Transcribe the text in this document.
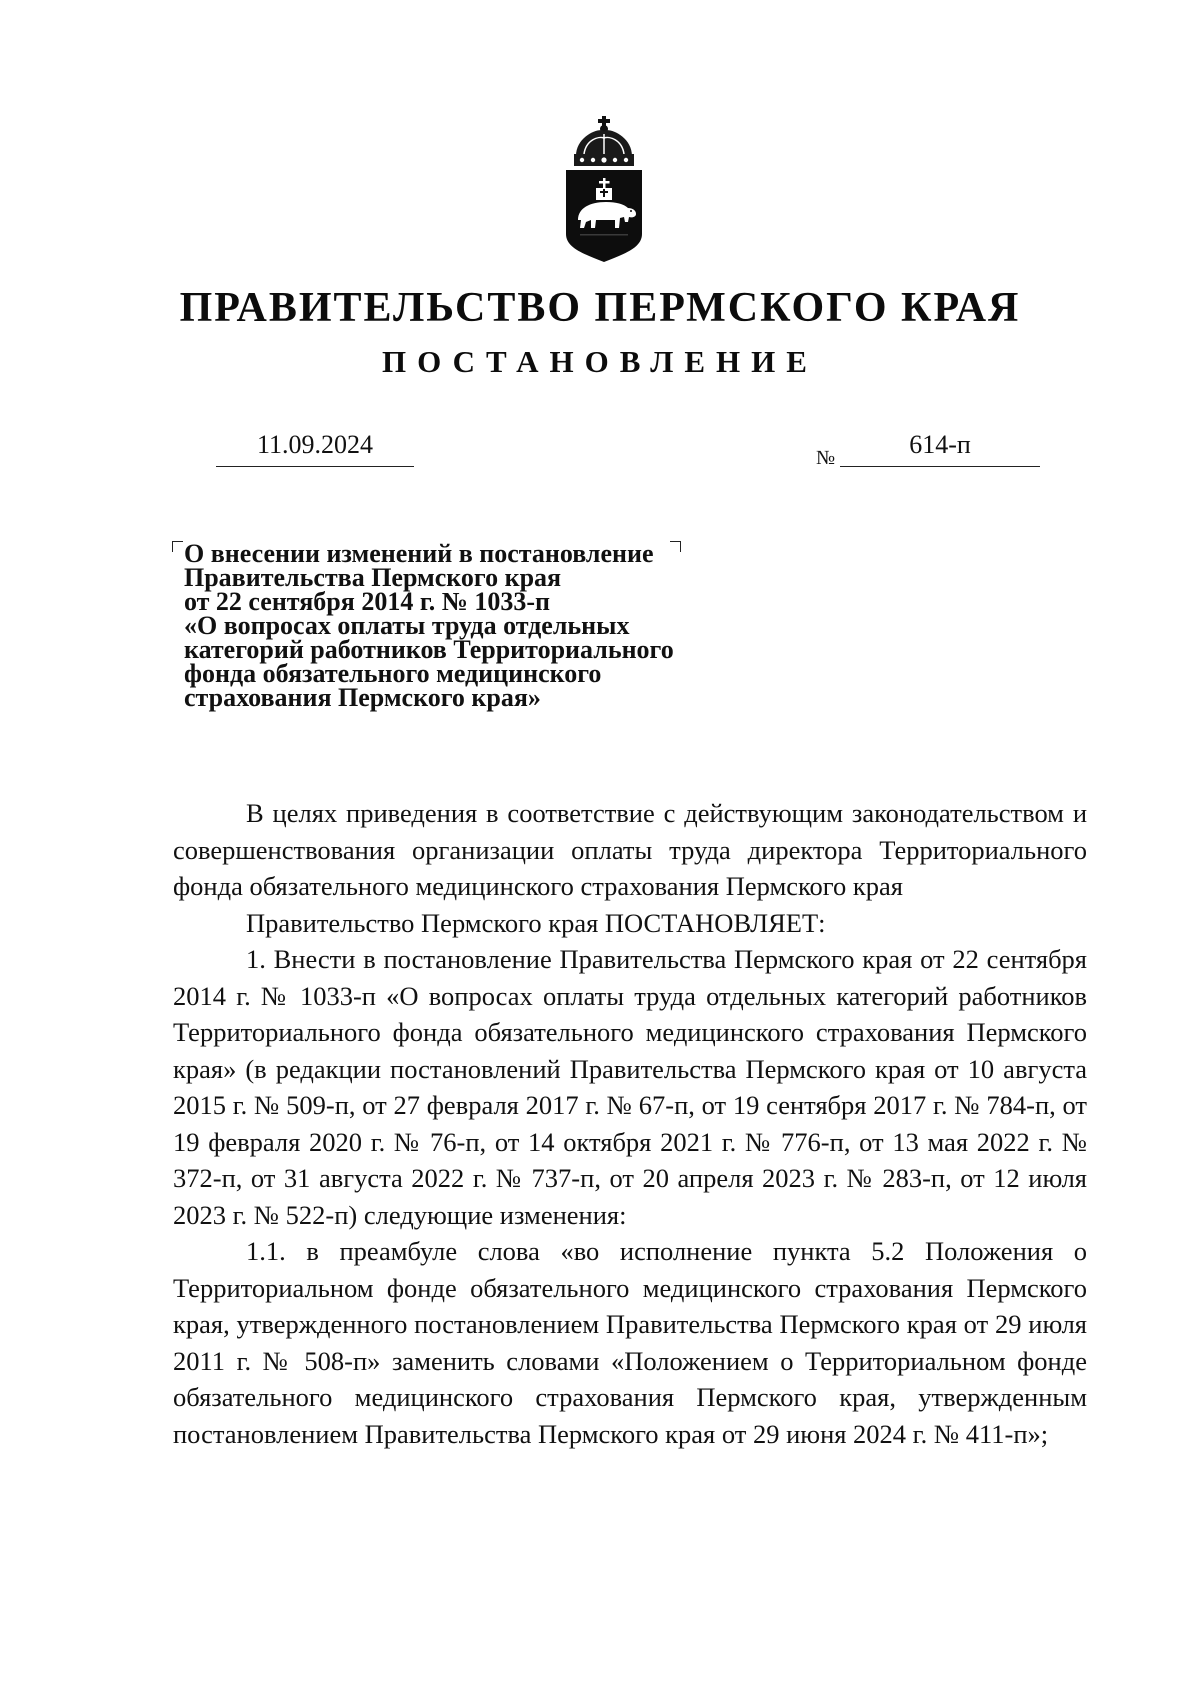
ПРАВИТЕЛЬСТВО ПЕРМСКОГО КРАЯ
ПОСТАНОВЛЕНИЕ
11.09.2024	№	614-п
О внесении изменений в постановление
Правительства Пермского края
от 22 сентября 2014 г. № 1033-п
«О вопросах оплаты труда отдельных
категорий работников Территориального
фонда обязательного медицинского
страхования Пермского края»

В целях приведения в соответствие с действующим законодательством и совершенствования организации оплаты труда директора Территориального фонда обязательного медицинского страхования Пермского края

Правительство Пермского края ПОСТАНОВЛЯЕТ:

1. Внести в постановление Правительства Пермского края от 22 сентября 2014 г. № 1033-п «О вопросах оплаты труда отдельных категорий работников Территориального фонда обязательного медицинского страхования Пермского края» (в редакции постановлений Правительства Пермского края от 10 августа 2015 г. № 509-п, от 27 февраля 2017 г. № 67-п, от 19 сентября 2017 г. № 784-п, от 19 февраля 2020 г. № 76-п, от 14 октября 2021 г. № 776-п, от 13 мая 2022 г. № 372-п, от 31 августа 2022 г. № 737-п, от 20 апреля 2023 г. № 283-п, от 12 июля 2023 г. № 522-п) следующие изменения:

1.1. в преамбуле слова «во исполнение пункта 5.2 Положения о Территориальном фонде обязательного медицинского страхования Пермского края, утвержденного постановлением Правительства Пермского края от 29 июля 2011 г. № 508-п» заменить словами «Положением о Территориальном фонде обязательного медицинского страхования Пермского края, утвержденным постановлением Правительства Пермского края от 29 июня 2024 г. № 411-п»;
